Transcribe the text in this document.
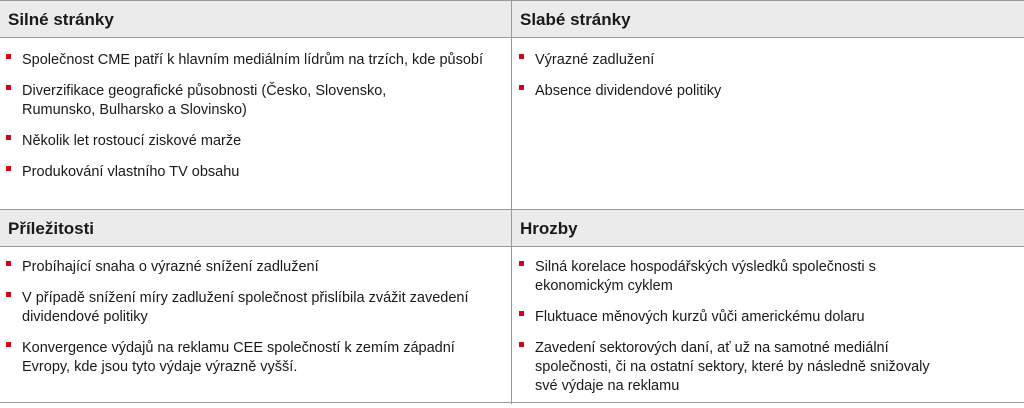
Silné stránky	Slabé stránky
Společnost CME patří k hlavním mediálním lídrům na trzích, kde působí
Diverzifikace geografické působnosti (Česko, Slovensko, Rumunsko, Bulharsko a Slovinsko)
Několik let rostoucí ziskové marže
Produkování vlastního TV obsahu
Výrazné zadlužení
Absence dividendové politiky
Příležitosti	Hrozby
Probíhající snaha o výrazné snížení zadlužení
V případě snížení míry zadlužení společnost přislíbila zvážit zavedení dividendové politiky
Konvergence výdajů na reklamu CEE společností k zemím západní Evropy, kde jsou tyto výdaje výrazně vyšší.
Silná korelace hospodářských výsledků společnosti s ekonomickým cyklem
Fluktuace měnových kurzů vůči americkému dolaru
Zavedení sektorových daní, ať už na samotné mediální společnosti, či na ostatní sektory, které by následně snižovaly své výdaje na reklamu
